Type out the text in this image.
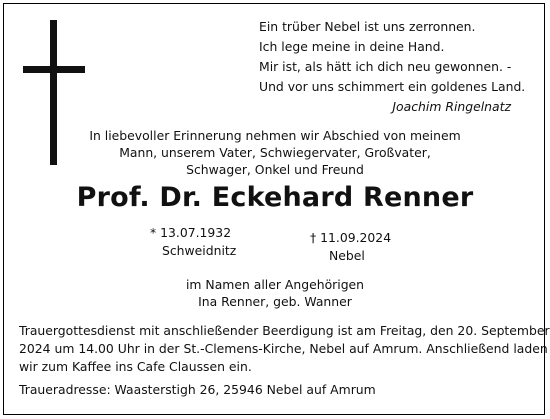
Ein trüber Nebel ist uns zerronnen.
Ich lege meine in deine Hand.
Mir ist, als hätt ich dich neu gewonnen. -
Und vor uns schimmert ein goldenes Land.
Joachim Ringelnatz
In liebevoller Erinnerung nehmen wir Abschied von meinem
Mann, unserem Vater, Schwiegervater, Großvater,
Schwager, Onkel und Freund
Prof. Dr. Eckehard Renner
* 13.07.1932
Schweidnitz
† 11.09.2024
Nebel
im Namen aller Angehörigen
Ina Renner, geb. Wanner
Trauergottesdienst mit anschließender Beerdigung ist am Freitag, den 20. September
2024 um 14.00 Uhr in der St.-Clemens-Kirche, Nebel auf Amrum. Anschließend laden
wir zum Kaffee ins Cafe Claussen ein.
Traueradresse: Waasterstigh 26, 25946 Nebel auf Amrum
